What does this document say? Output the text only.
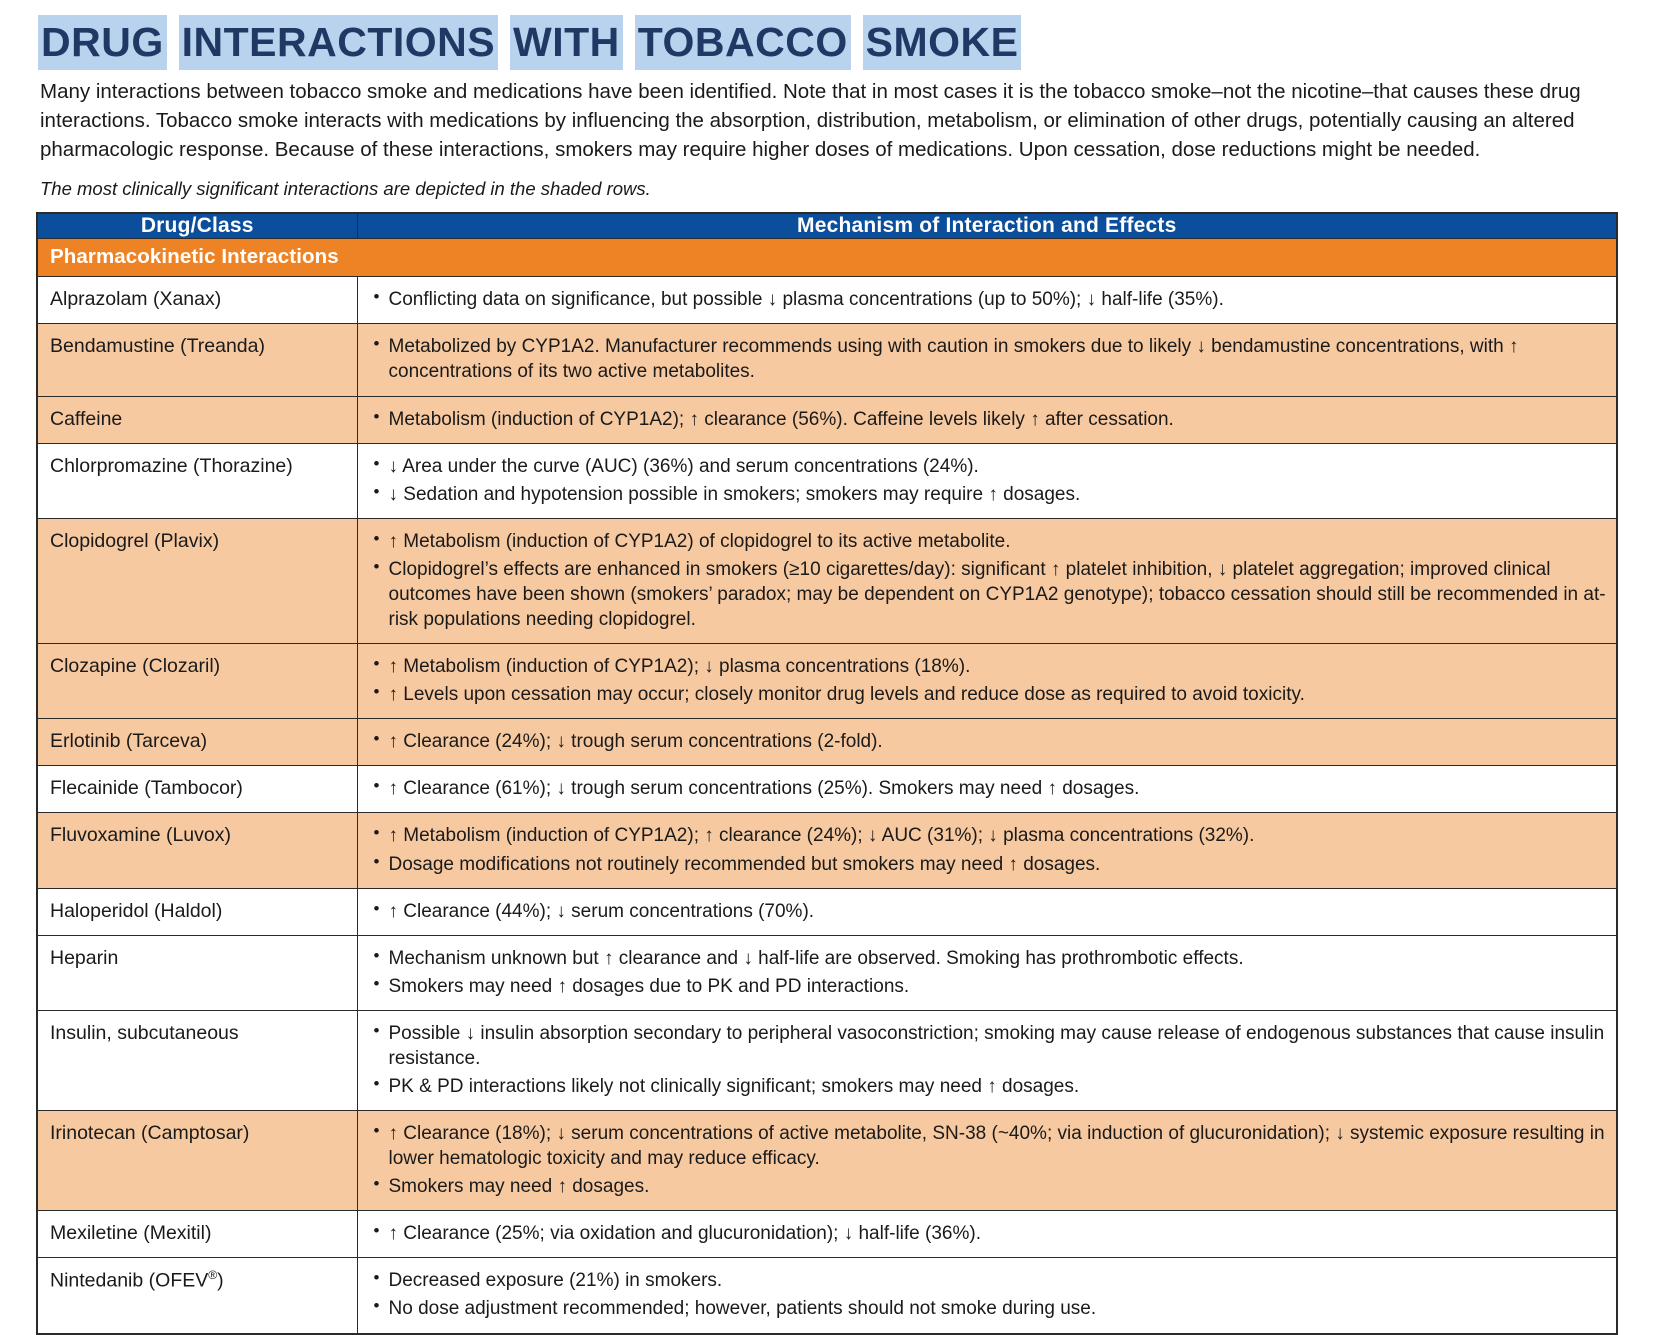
DRUG INTERACTIONS WITH TOBACCO SMOKE

Many interactions between tobacco smoke and medications have been identified. Note that in most cases it is the tobacco smoke–not the nicotine–that causes these drug interactions. Tobacco smoke interacts with medications by influencing the absorption, distribution, metabolism, or elimination of other drugs, potentially causing an altered pharmacologic response. Because of these interactions, smokers may require higher doses of medications. Upon cessation, dose reductions might be needed.

The most clinically significant interactions are depicted in the shaded rows.

Drug/Class	Mechanism of Interaction and Effects
Pharmacokinetic Interactions	
Alprazolam (Xanax)	
•Conflicting data on significance, but possible ↓ plasma concentrations (up to 50%); ↓ half-life (35%).

Bendamustine (Treanda)	
•Metabolized by CYP1A2. Manufacturer recommends using with caution in smokers due to likely ↓ bendamustine concentrations, with ↑ concentrations of its two active metabolites.

Caffeine	
•Metabolism (induction of CYP1A2); ↑ clearance (56%). Caffeine levels likely ↑ after cessation.

Chlorpromazine (Thorazine)	
•↓ Area under the curve (AUC) (36%) and serum concentrations (24%).
• ↓ Sedation and hypotension possible in smokers; smokers may require ↑ dosages.

Clopidogrel (Plavix)	
•↑ Metabolism (induction of CYP1A2) of clopidogrel to its active metabolite.
• Clopidogrel’s effects are enhanced in smokers (≥10 cigarettes/day): significant ↑ platelet inhibition, ↓ platelet aggregation; improved clinical outcomes have been shown (smokers’ paradox; may be dependent on CYP1A2 genotype); tobacco cessation should still be recommended in at-risk populations needing clopidogrel.

Clozapine (Clozaril)	
•↑ Metabolism (induction of CYP1A2); ↓ plasma concentrations (18%).
• ↑ Levels upon cessation may occur; closely monitor drug levels and reduce dose as required to avoid toxicity.

Erlotinib (Tarceva)	
•↑ Clearance (24%); ↓ trough serum concentrations (2-fold).

Flecainide (Tambocor)	
•↑ Clearance (61%); ↓ trough serum concentrations (25%). Smokers may need ↑ dosages.

Fluvoxamine (Luvox)	
•↑ Metabolism (induction of CYP1A2); ↑ clearance (24%); ↓ AUC (31%); ↓ plasma concentrations (32%).
• Dosage modifications not routinely recommended but smokers may need ↑ dosages.

Haloperidol (Haldol)	
•↑ Clearance (44%); ↓ serum concentrations (70%).

Heparin	
•Mechanism unknown but ↑ clearance and ↓ half-life are observed. Smoking has prothrombotic effects.
• Smokers may need ↑ dosages due to PK and PD interactions.

Insulin, subcutaneous	
•Possible ↓ insulin absorption secondary to peripheral vasoconstriction; smoking may cause release of endogenous substances that cause insulin resistance.
• PK & PD interactions likely not clinically significant; smokers may need ↑ dosages.

Irinotecan (Camptosar)	
•↑ Clearance (18%); ↓ serum concentrations of active metabolite, SN-38 (~40%; via induction of glucuronidation); ↓ systemic exposure resulting in lower hematologic toxicity and may reduce efficacy.
• Smokers may need ↑ dosages.

Mexiletine (Mexitil)	
•↑ Clearance (25%; via oxidation and glucuronidation); ↓ half-life (36%).

Nintedanib (OFEV®)	
•Decreased exposure (21%) in smokers.
• No dose adjustment recommended; however, patients should not smoke during use.
